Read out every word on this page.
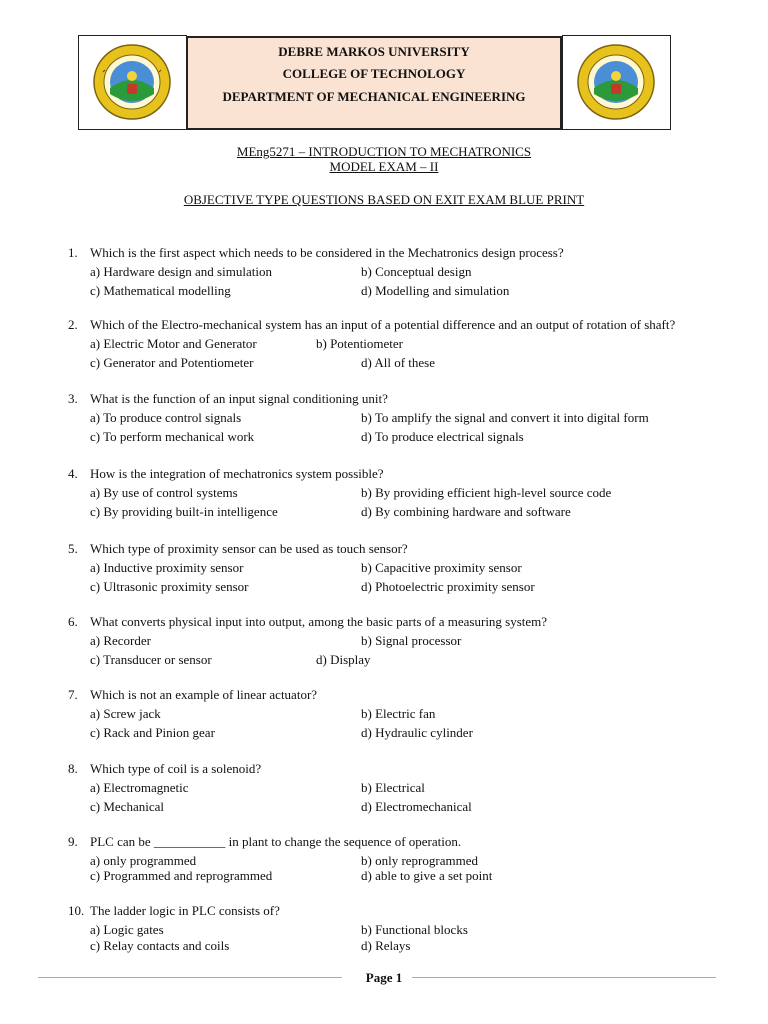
DEBRE MARKOS UNIVERSITY
COLLEGE OF TECHNOLOGY
DEPARTMENT OF MECHANICAL ENGINEERING
MEng5271 – INTRODUCTION TO MECHATRONICS
MODEL EXAM – II
OBJECTIVE TYPE QUESTIONS BASED ON EXIT EXAM BLUE PRINT
1. Which is the first aspect which needs to be considered in the Mechatronics design process?
a) Hardware design and simulation	b) Conceptual design
c) Mathematical modelling	d) Modelling and simulation
2. Which of the Electro-mechanical system has an input of a potential difference and an output of rotation of shaft?
a) Electric Motor and Generator	b) Potentiometer
c) Generator and Potentiometer	d) All of these
3. What is the function of an input signal conditioning unit?
a) To produce control signals	b) To amplify the signal and convert it into digital form
c) To perform mechanical work	d) To produce electrical signals
4. How is the integration of mechatronics system possible?
a) By use of control systems	b) By providing efficient high-level source code
c) By providing built-in intelligence	d) By combining hardware and software
5. Which type of proximity sensor can be used as touch sensor?
a) Inductive proximity sensor	b) Capacitive proximity sensor
c) Ultrasonic proximity sensor	d) Photoelectric proximity sensor
6. What converts physical input into output, among the basic parts of a measuring system?
a) Recorder	b) Signal processor
c) Transducer or sensor	d) Display
7. Which is not an example of linear actuator?
a) Screw jack	b) Electric fan
c) Rack and Pinion gear	d) Hydraulic cylinder
8. Which type of coil is a solenoid?
a) Electromagnetic	b) Electrical
c) Mechanical	d) Electromechanical
9. PLC can be ___________ in plant to change the sequence of operation.
a) only programmed	b) only reprogrammed
c) Programmed and reprogrammed	d) able to give a set point
10. The ladder logic in PLC consists of?
a) Logic gates	b) Functional blocks
c) Relay contacts and coils	d) Relays
Page 1
